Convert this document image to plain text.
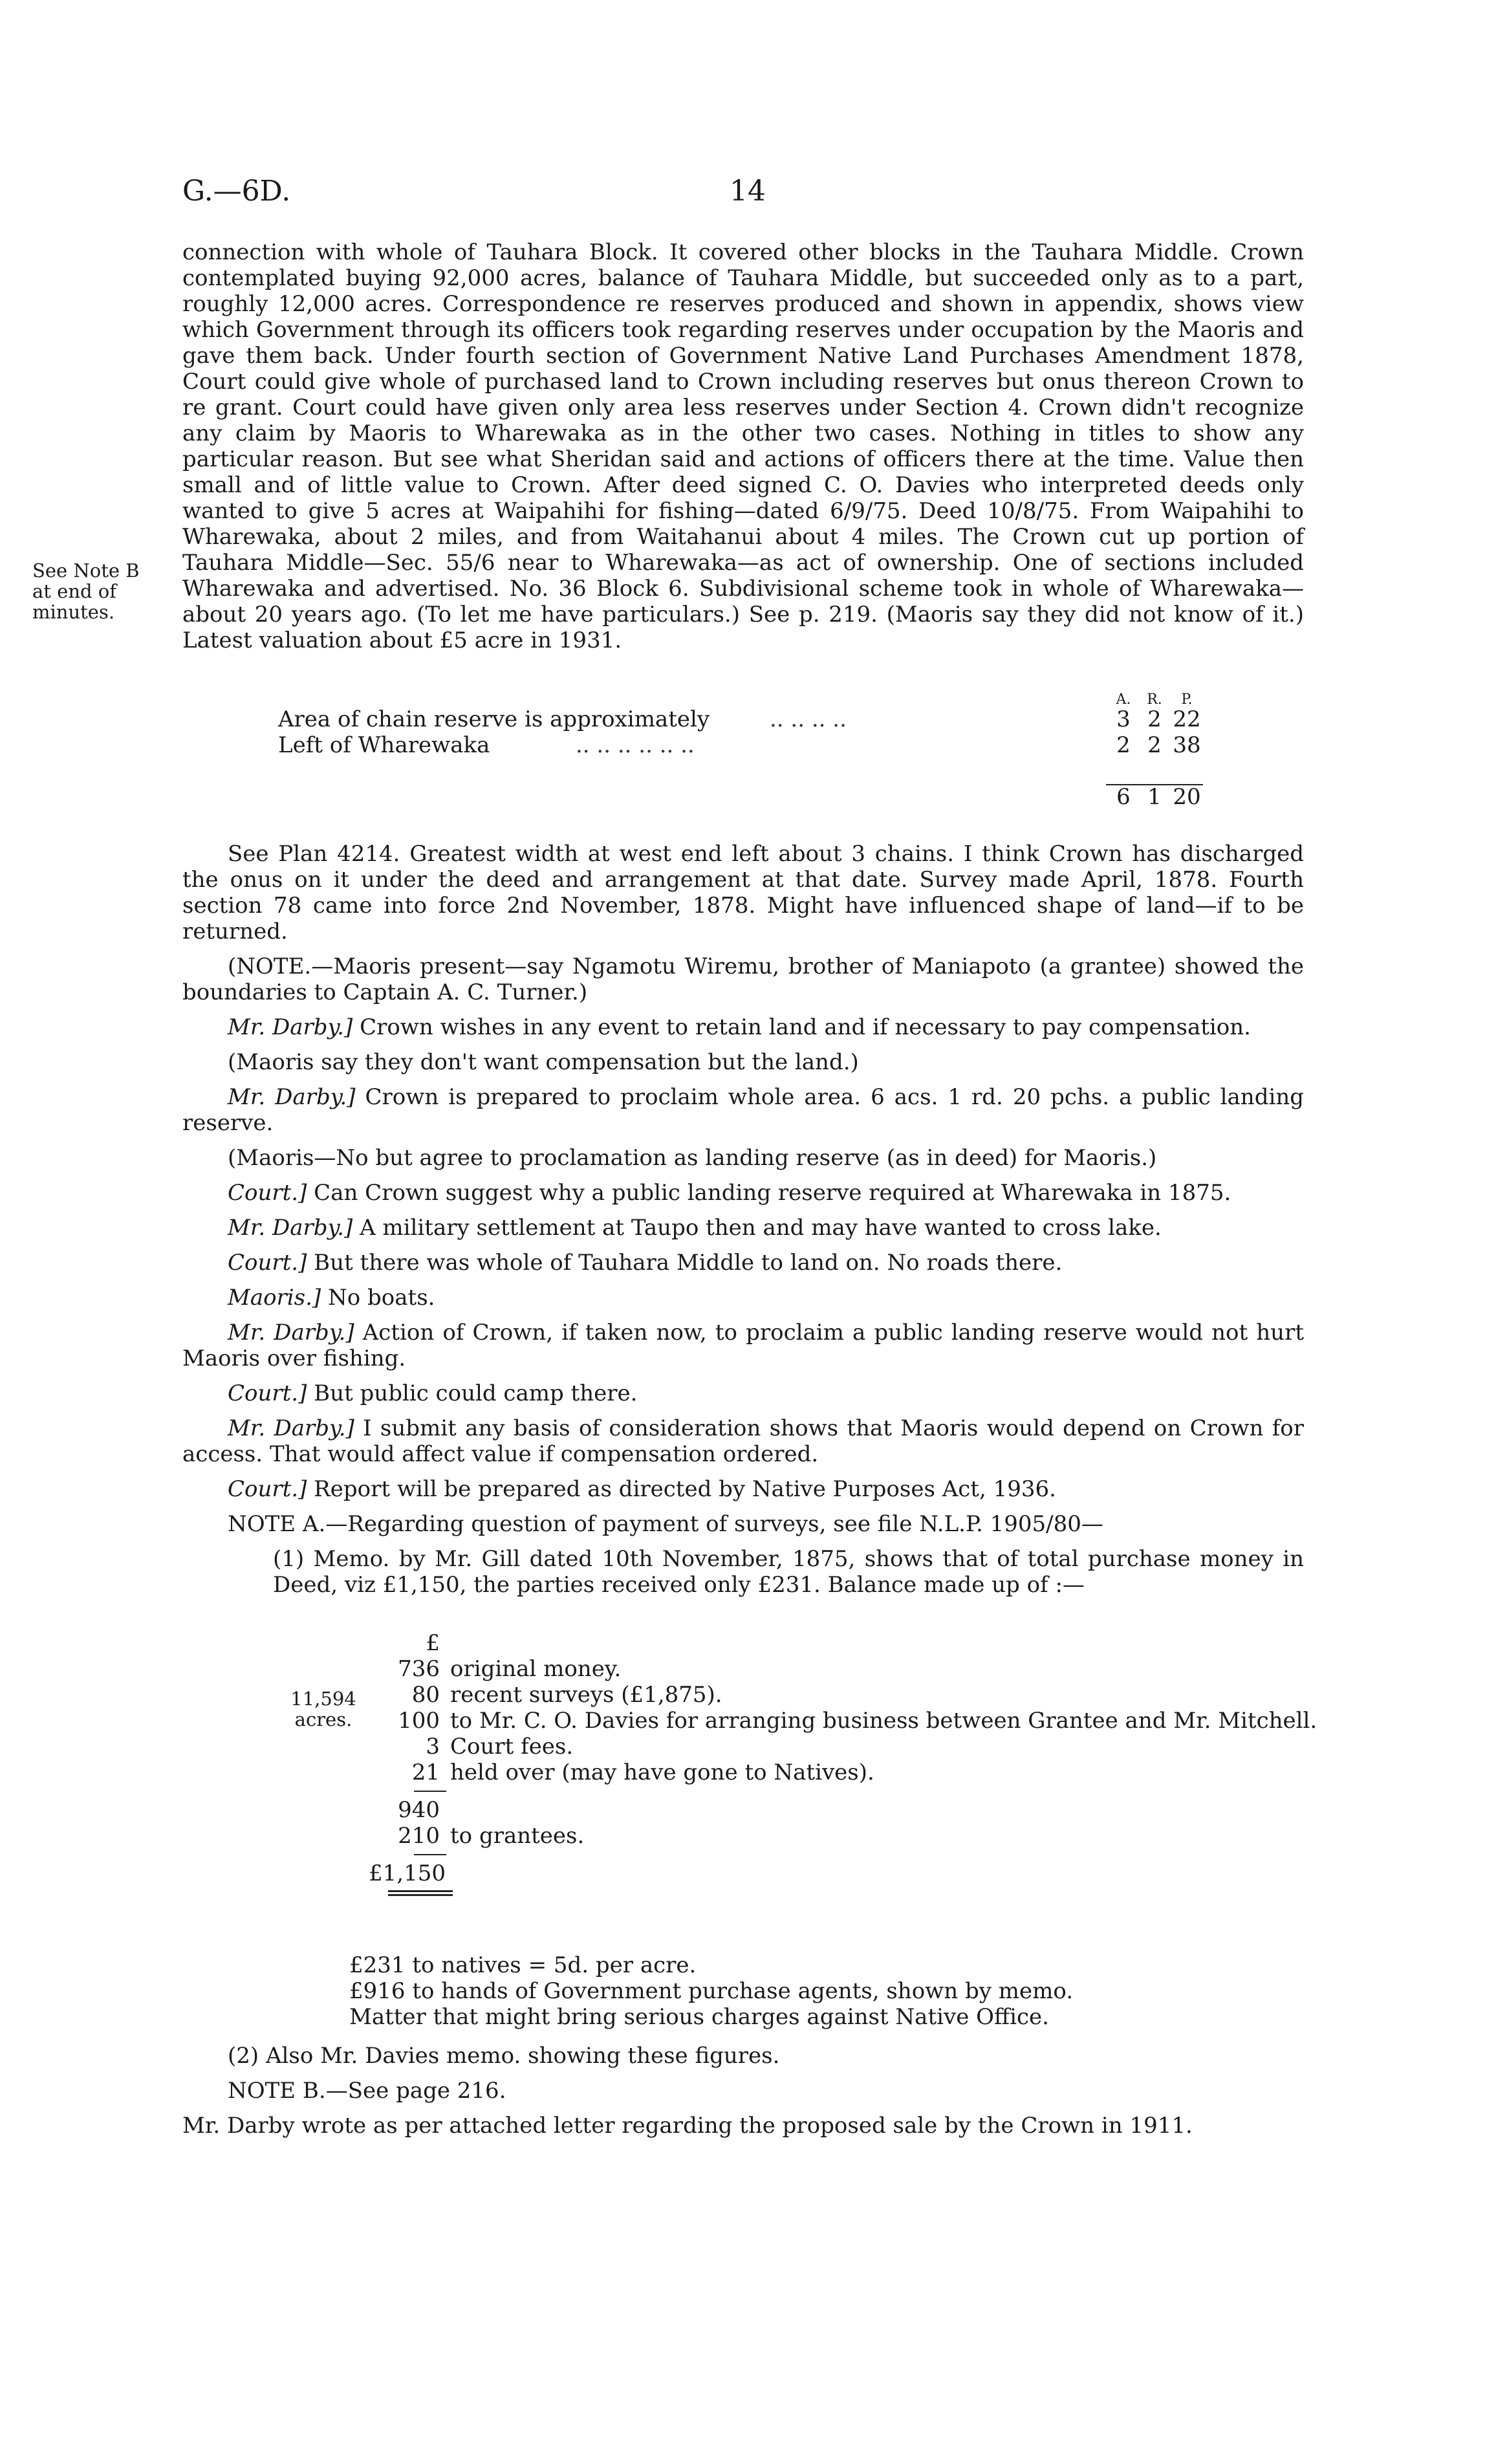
G.—6D.	14
See Note B at end of minutes.

connection with whole of Tauhara Block. It covered other blocks in the Tauhara Middle. Crown contemplated buying 92,000 acres, balance of Tauhara Middle, but succeeded only as to a part, roughly 12,000 acres. Correspondence re reserves produced and shown in appendix, shows view which Government through its officers took regarding reserves under occupation by the Maoris and gave them back. Under fourth section of Government Native Land Purchases Amendment 1878, Court could give whole of purchased land to Crown including reserves but onus thereon Crown to re grant. Court could have given only area less reserves under Section 4. Crown didn't recognize any claim by Maoris to Wharewaka as in the other two cases. Nothing in titles to show any particular reason. But see what Sheridan said and actions of officers there at the time. Value then small and of little value to Crown. After deed signed C. O. Davies who interpreted deeds only wanted to give 5 acres at Waipahihi for fishing—dated 6/9/75. Deed 10/8/75. From Waipahihi to Wharewaka, about 2 miles, and from Waitahanui about 4 miles. The Crown cut up portion of Tauhara Middle—Sec. 55/6 near to Wharewaka—as act of ownership. One of sections included Wharewaka and advertised. No. 36 Block 6. Subdivisional scheme took in whole of Wharewaka—about 20 years ago. (To let me have particulars.) See p. 219. (Maoris say they did not know of it.) Latest valuation about £5 acre in 1931.

A.	R.	P.
Area of chain reserve is approximately	.. .. .. ..	3 2 22
Left of Wharewaka	.. .. .. .. .. ..	2 2 38
6 1 20

See Plan 4214. Greatest width at west end left about 3 chains. I think Crown has discharged the onus on it under the deed and arrangement at that date. Survey made April, 1878. Fourth section 78 came into force 2nd November, 1878. Might have influenced shape of land—if to be returned.

(NOTE.—Maoris present—say Ngamotu Wiremu, brother of Maniapoto (a grantee) showed the boundaries to Captain A. C. Turner.)

Mr. Darby.] Crown wishes in any event to retain land and if necessary to pay compensation.

(Maoris say they don't want compensation but the land.)

Mr. Darby.] Crown is prepared to proclaim whole area. 6 acs. 1 rd. 20 pchs. a public landing reserve.

(Maoris—No but agree to proclamation as landing reserve (as in deed) for Maoris.)

Court.] Can Crown suggest why a public landing reserve required at Wharewaka in 1875.

Mr. Darby.] A military settlement at Taupo then and may have wanted to cross lake.

Court.] But there was whole of Tauhara Middle to land on. No roads there.

Maoris.] No boats.

Mr. Darby.] Action of Crown, if taken now, to proclaim a public landing reserve would not hurt Maoris over fishing.

Court.] But public could camp there.

Mr. Darby.] I submit any basis of consideration shows that Maoris would depend on Crown for access. That would affect value if compensation ordered.

Court.] Report will be prepared as directed by Native Purposes Act, 1936.

NOTE A.—Regarding question of payment of surveys, see file N.L.P. 1905/80—

(1) Memo. by Mr. Gill dated 10th November, 1875, shows that of total purchase money in Deed, viz £1,150, the parties received only £231. Balance made up of :—

11,594 acres.
£
736 original money.
80 recent surveys (£1,875).
100 to Mr. C. O. Davies for arranging business between Grantee and Mr. Mitchell.
3 Court fees.
21 held over (may have gone to Natives).
940
210 to grantees.
£1,150
£231 to natives = 5d. per acre.
£916 to hands of Government purchase agents, shown by memo.
Matter that might bring serious charges against Native Office.

(2) Also Mr. Davies memo. showing these figures.

NOTE B.—See page 216.

Mr. Darby wrote as per attached letter regarding the proposed sale by the Crown in 1911.
